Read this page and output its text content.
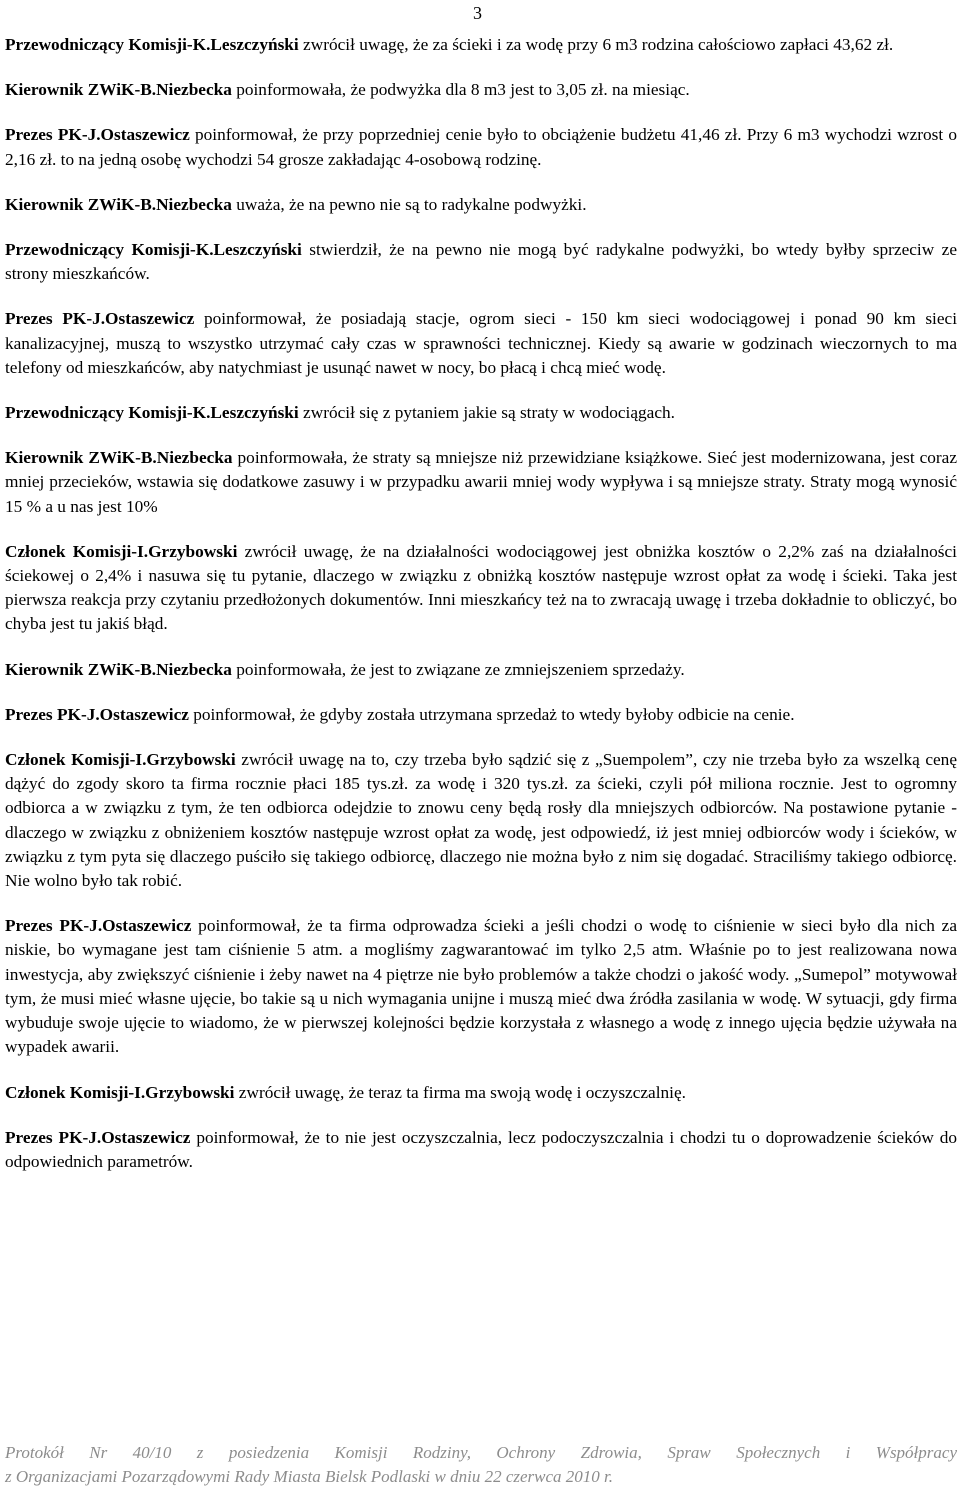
3

Przewodniczący Komisji-K.Leszczyński zwrócił uwagę, że za ścieki i za wodę przy 6 m3 rodzina całościowo zapłaci 43,62 zł.

Kierownik ZWiK-B.Niezbecka poinformowała, że podwyżka dla 8 m3 jest to 3,05 zł. na miesiąc.

Prezes PK-J.Ostaszewicz poinformował, że przy poprzedniej cenie było to obciążenie budżetu 41,46 zł. Przy 6 m3 wychodzi wzrost o 2,16 zł. to na jedną osobę wychodzi 54 grosze zakładając 4-osobową rodzinę.

Kierownik ZWiK-B.Niezbecka uważa, że na pewno nie są to radykalne podwyżki.

Przewodniczący Komisji-K.Leszczyński stwierdził, że na pewno nie mogą być radykalne podwyżki, bo wtedy byłby sprzeciw ze strony mieszkańców.

Prezes PK-J.Ostaszewicz poinformował, że posiadają stacje, ogrom sieci - 150 km sieci wodociągowej i ponad 90 km sieci kanalizacyjnej, muszą to wszystko utrzymać cały czas w sprawności technicznej. Kiedy są awarie w godzinach wieczornych to ma telefony od mieszkańców, aby natychmiast je usunąć nawet w nocy, bo płacą i chcą mieć wodę.

Przewodniczący Komisji-K.Leszczyński zwrócił się z pytaniem jakie są straty w wodociągach.

Kierownik ZWiK-B.Niezbecka poinformowała, że straty są mniejsze niż przewidziane książkowe. Sieć jest modernizowana, jest coraz mniej przecieków, wstawia się dodatkowe zasuwy i w przypadku awarii mniej wody wypływa i są mniejsze straty. Straty mogą wynosić 15 % a u nas jest 10%

Członek Komisji-I.Grzybowski zwrócił uwagę, że na działalności wodociągowej jest obniżka kosztów o 2,2% zaś na działalności ściekowej o 2,4% i nasuwa się tu pytanie, dlaczego w związku z obniżką kosztów następuje wzrost opłat za wodę i ścieki. Taka jest pierwsza reakcja przy czytaniu przedłożonych dokumentów. Inni mieszkańcy też na to zwracają uwagę i trzeba dokładnie to obliczyć, bo chyba jest tu jakiś błąd.

Kierownik ZWiK-B.Niezbecka poinformowała, że jest to związane ze zmniejszeniem sprzedaży.

Prezes PK-J.Ostaszewicz poinformował, że gdyby została utrzymana sprzedaż to wtedy byłoby odbicie na cenie.

Członek Komisji-I.Grzybowski zwrócił uwagę na to, czy trzeba było sądzić się z „Suempolem”, czy nie trzeba było za wszelką cenę dążyć do zgody skoro ta firma rocznie płaci 185 tys.zł. za wodę i 320 tys.zł. za ścieki, czyli pół miliona rocznie. Jest to ogromny odbiorca a w związku z tym, że ten odbiorca odejdzie to znowu ceny będą rosły dla mniejszych odbiorców. Na postawione pytanie - dlaczego w związku z obniżeniem kosztów następuje wzrost opłat za wodę, jest odpowiedź, iż jest mniej odbiorców wody i ścieków, w związku z tym pyta się dlaczego puściło się takiego odbiorcę, dlaczego nie można było z nim się dogadać. Straciliśmy takiego odbiorcę. Nie wolno było tak robić.

Prezes PK-J.Ostaszewicz poinformował, że ta firma odprowadza ścieki a jeśli chodzi o wodę to ciśnienie w sieci było dla nich za niskie, bo wymagane jest tam ciśnienie 5 atm. a mogliśmy zagwarantować im tylko 2,5 atm. Właśnie po to jest realizowana nowa inwestycja, aby zwiększyć ciśnienie i żeby nawet na 4 piętrze nie było problemów a także chodzi o jakość wody. „Sumepol” motywował tym, że musi mieć własne ujęcie, bo takie są u nich wymagania unijne i muszą mieć dwa źródła zasilania w wodę. W sytuacji, gdy firma wybuduje swoje ujęcie to wiadomo, że w pierwszej kolejności będzie korzystała z własnego a wodę z innego ujęcia będzie używała na wypadek awarii.

Członek Komisji-I.Grzybowski zwrócił uwagę, że teraz ta firma ma swoją wodę i oczyszczalnię.

Prezes PK-J.Ostaszewicz poinformował, że to nie jest oczyszczalnia, lecz podoczyszczalnia i chodzi tu o doprowadzenie ścieków do odpowiednich parametrów.

Protokół Nr 40/10 z posiedzenia Komisji Rodziny, Ochrony Zdrowia, Spraw Społecznych i Współpracy
z Organizacjami Pozarządowymi Rady Miasta Bielsk Podlaski w dniu 22 czerwca 2010 r.
